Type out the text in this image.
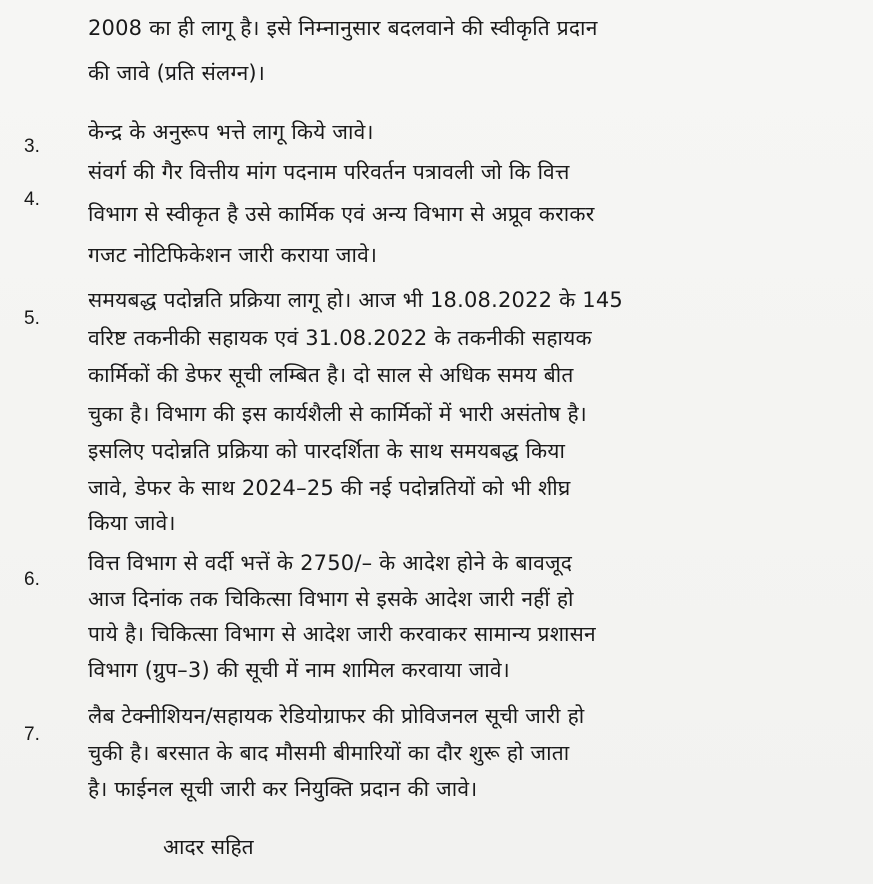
2008 का ही लागू है। इसे निम्नानुसार बदलवाने की स्वीकृति प्रदान
की जावे (प्रति संलग्न)।
3.
केन्द्र के अनुरूप भत्ते लागू किये जावे।
4.
संवर्ग की गैर वित्तीय मांग पदनाम परिवर्तन पत्रावली जो कि वित्त
विभाग से स्वीकृत है उसे कार्मिक एवं अन्य विभाग से अप्रूव कराकर
गजट नोटिफिकेशन जारी कराया जावे।
5.
समयबद्ध पदोन्नति प्रक्रिया लागू हो। आज भी 18.08.2022 के 145
वरिष्ट तकनीकी सहायक एवं 31.08.2022 के तकनीकी सहायक
कार्मिकों की डेफर सूची लम्बित है। दो साल से अधिक समय बीत
चुका है। विभाग की इस कार्यशैली से कार्मिकों में भारी असंतोष है।
इसलिए पदोन्नति प्रक्रिया को पारदर्शिता के साथ समयबद्ध किया
जावे, डेफर के साथ 2024–25 की नई पदोन्नतियों को भी शीघ्र
किया जावे।
6.
वित्त विभाग से वर्दी भत्तें के 2750/– के आदेश होने के बावजूद
आज दिनांक तक चिकित्सा विभाग से इसके आदेश जारी नहीं हो
पाये है। चिकित्सा विभाग से आदेश जारी करवाकर सामान्य प्रशासन
विभाग (ग्रुप–3) की सूची में नाम शामिल करवाया जावे।
7.
लैब टेक्नीशियन/सहायक रेडियोग्राफर की प्रोविजनल सूची जारी हो
चुकी है। बरसात के बाद मौसमी बीमारियों का दौर शुरू हो जाता
है। फाईनल सूची जारी कर नियुक्ति प्रदान की जावे।
आदर सहित
